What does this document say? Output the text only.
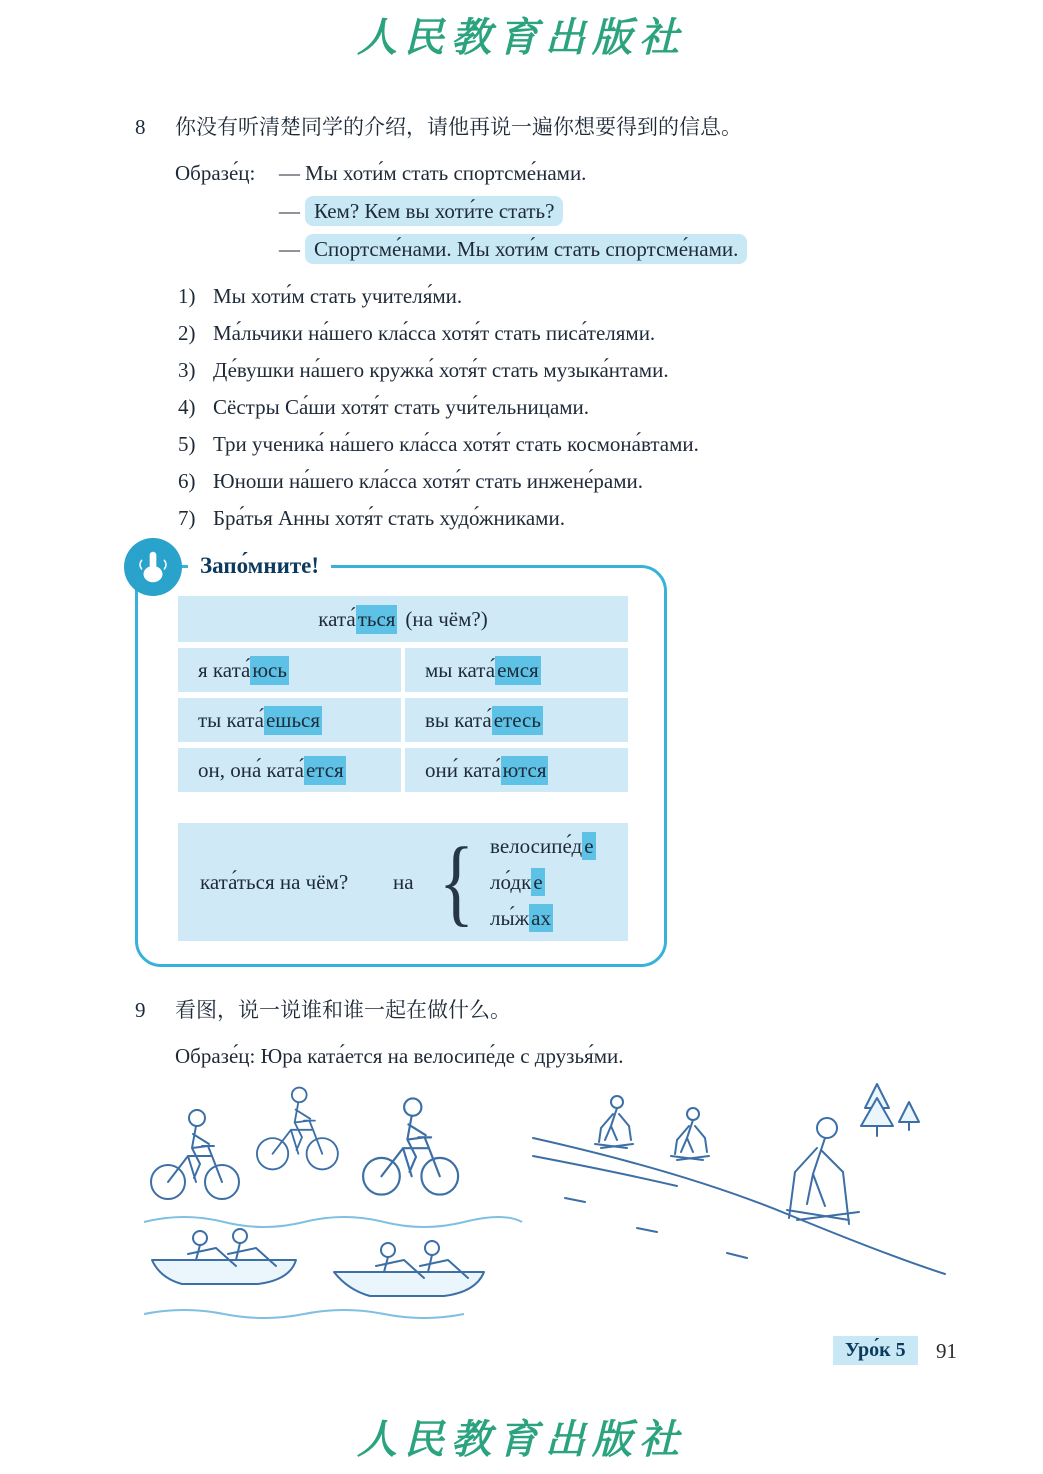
人民教育出版社
8	你没有听清楚同学的介绍，请他再说一遍你想要得到的信息。
Образе́ц: — Мы хоти́м стать спортсме́нами.
— Кем? Кем вы хоти́те стать?
— Спортсме́нами. Мы хоти́м стать спортсме́нами.
1) Мы хоти́м стать учителя́ми.
2) Ма́льчики на́шего кла́сса хотя́т стать писа́телями.
3) Де́вушки на́шего кружка́ хотя́т стать музыка́нтами.
4) Сёстры Са́ши хотя́т стать учи́тельницами.
5) Три ученика́ на́шего кла́сса хотя́т стать космона́втами.
6) Юноши на́шего кла́сса хотя́т стать инжене́рами.
7) Бра́тья Анны хотя́т стать худо́жниками.
Запо́мните!
ката́ ться (на чём?)
я ката́ юсь	мы ката́ емся
ты ката́ ешься	вы ката́ етесь
он, она́ ката́ ется	они́ ката́ ются
ката́ться на чём?	на { велосипе́де
ло́дке
лы́жах
9	看图，说一说谁和谁一起在做什么。
Образе́ц: Юра ката́ется на велосипе́де с друзья́ми.
Уро́к 5	91
人民教育出版社
